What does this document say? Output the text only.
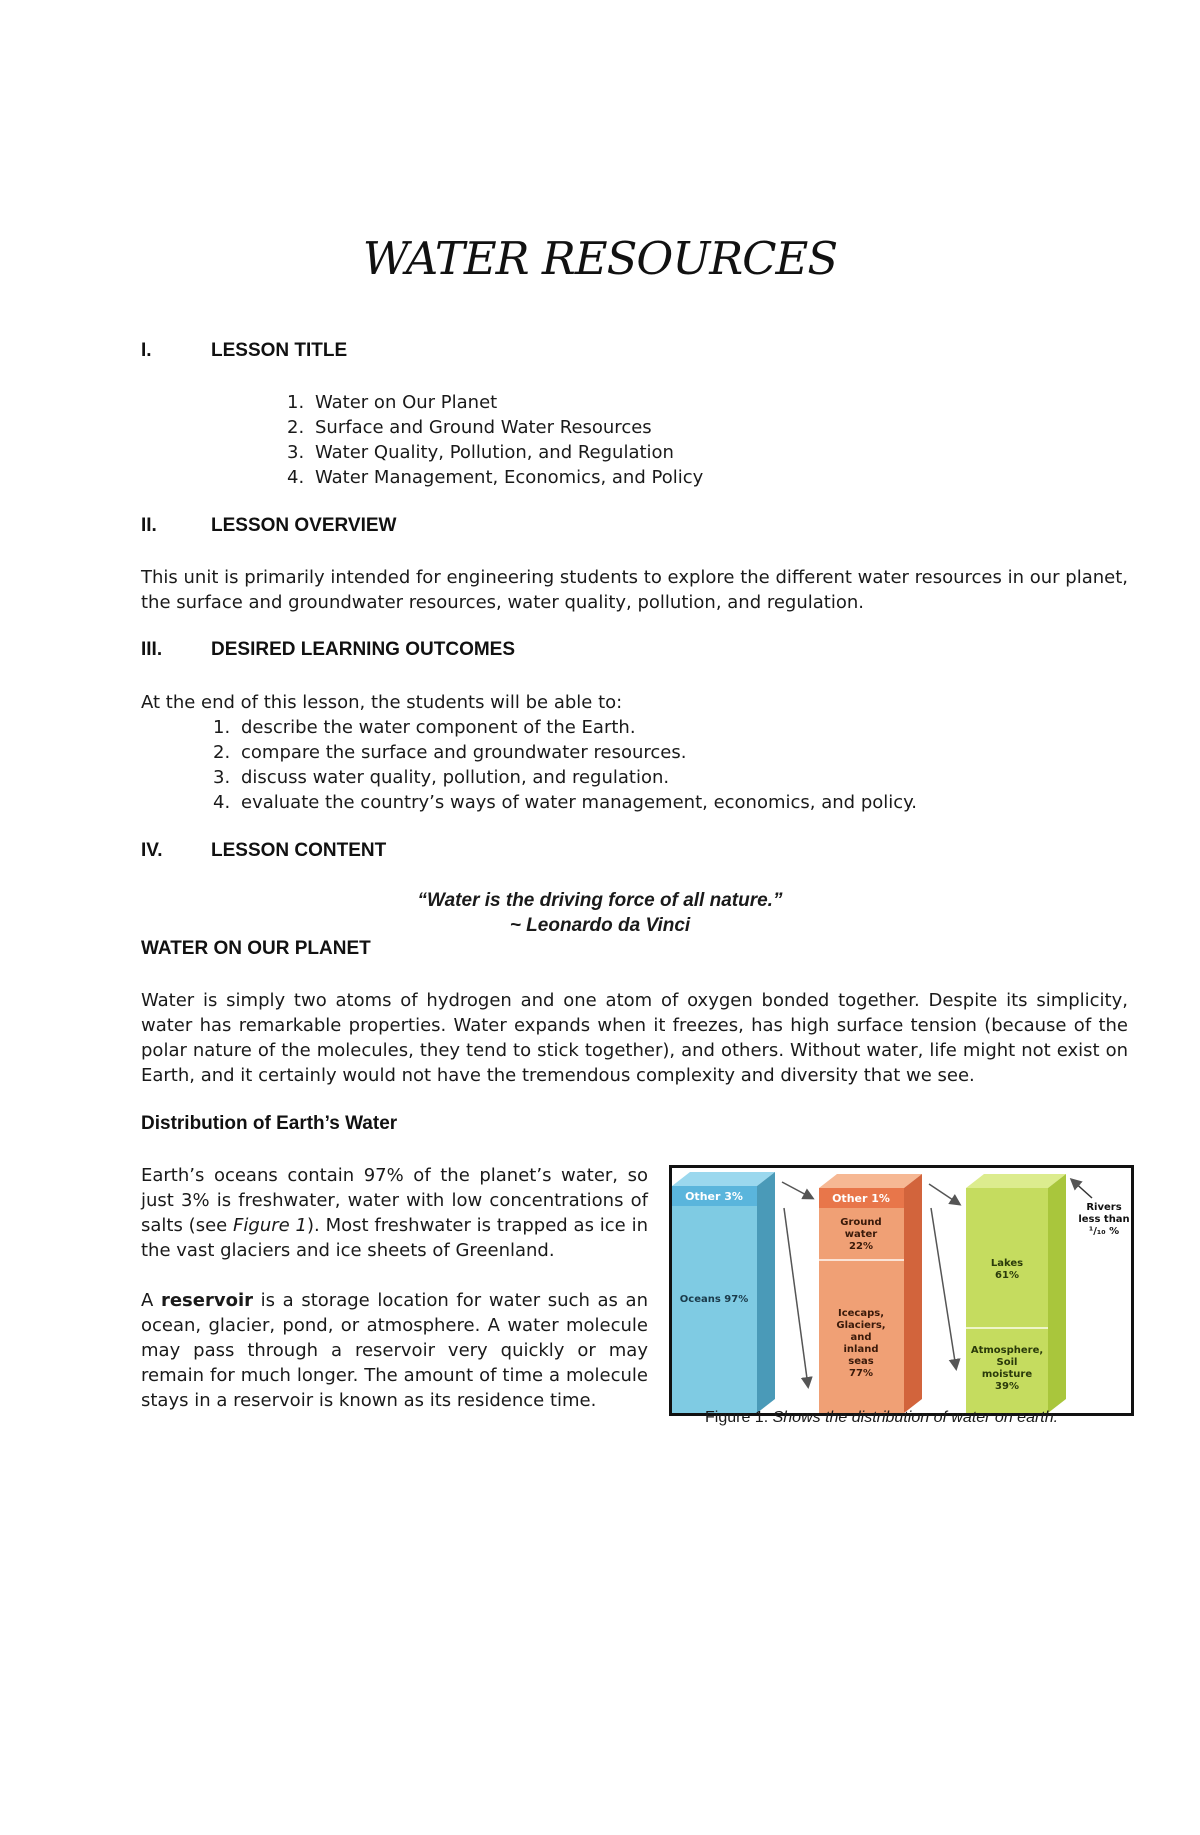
WATER RESOURCES
I.	LESSON TITLE
1. Water on Our Planet
2. Surface and Ground Water Resources
3. Water Quality, Pollution, and Regulation
4. Water Management, Economics, and Policy
II.	LESSON OVERVIEW
This unit is primarily intended for engineering students to explore the different water resources in our planet, the surface and groundwater resources, water quality, pollution, and regulation.
III.	DESIRED LEARNING OUTCOMES
At the end of this lesson, the students will be able to:
1. describe the water component of the Earth.
2. compare the surface and groundwater resources.
3. discuss water quality, pollution, and regulation.
4. evaluate the country’s ways of water management, economics, and policy.
IV.	LESSON CONTENT
“Water is the driving force of all nature.”
~ Leonardo da Vinci
WATER ON OUR PLANET
Water is simply two atoms of hydrogen and one atom of oxygen bonded together. Despite its simplicity, water has remarkable properties. Water expands when it freezes, has high surface tension (because of the polar nature of the molecules, they tend to stick together), and others. Without water, life might not exist on Earth, and it certainly would not have the tremendous complexity and diversity that we see.
Distribution of Earth’s Water
Earth’s oceans contain 97% of the planet’s water, so just 3% is freshwater, water with low concentrations of salts (see Figure 1). Most freshwater is trapped as ice in the vast glaciers and ice sheets of Greenland.
A reservoir is a storage location for water such as an ocean, glacier, pond, or atmosphere. A water molecule may pass through a reservoir very quickly or may remain for much longer. The amount of time a molecule stays in a reservoir is known as its residence time.
Other 3%
Oceans 97%
Other 1%
Ground water 22%
Icecaps, Glaciers, and inland seas 77%
Lakes 61%
Atmosphere, Soil moisture 39%
Rivers less than ¹/₁₀ %
Figure 1. Shows the distribution of water on earth.
